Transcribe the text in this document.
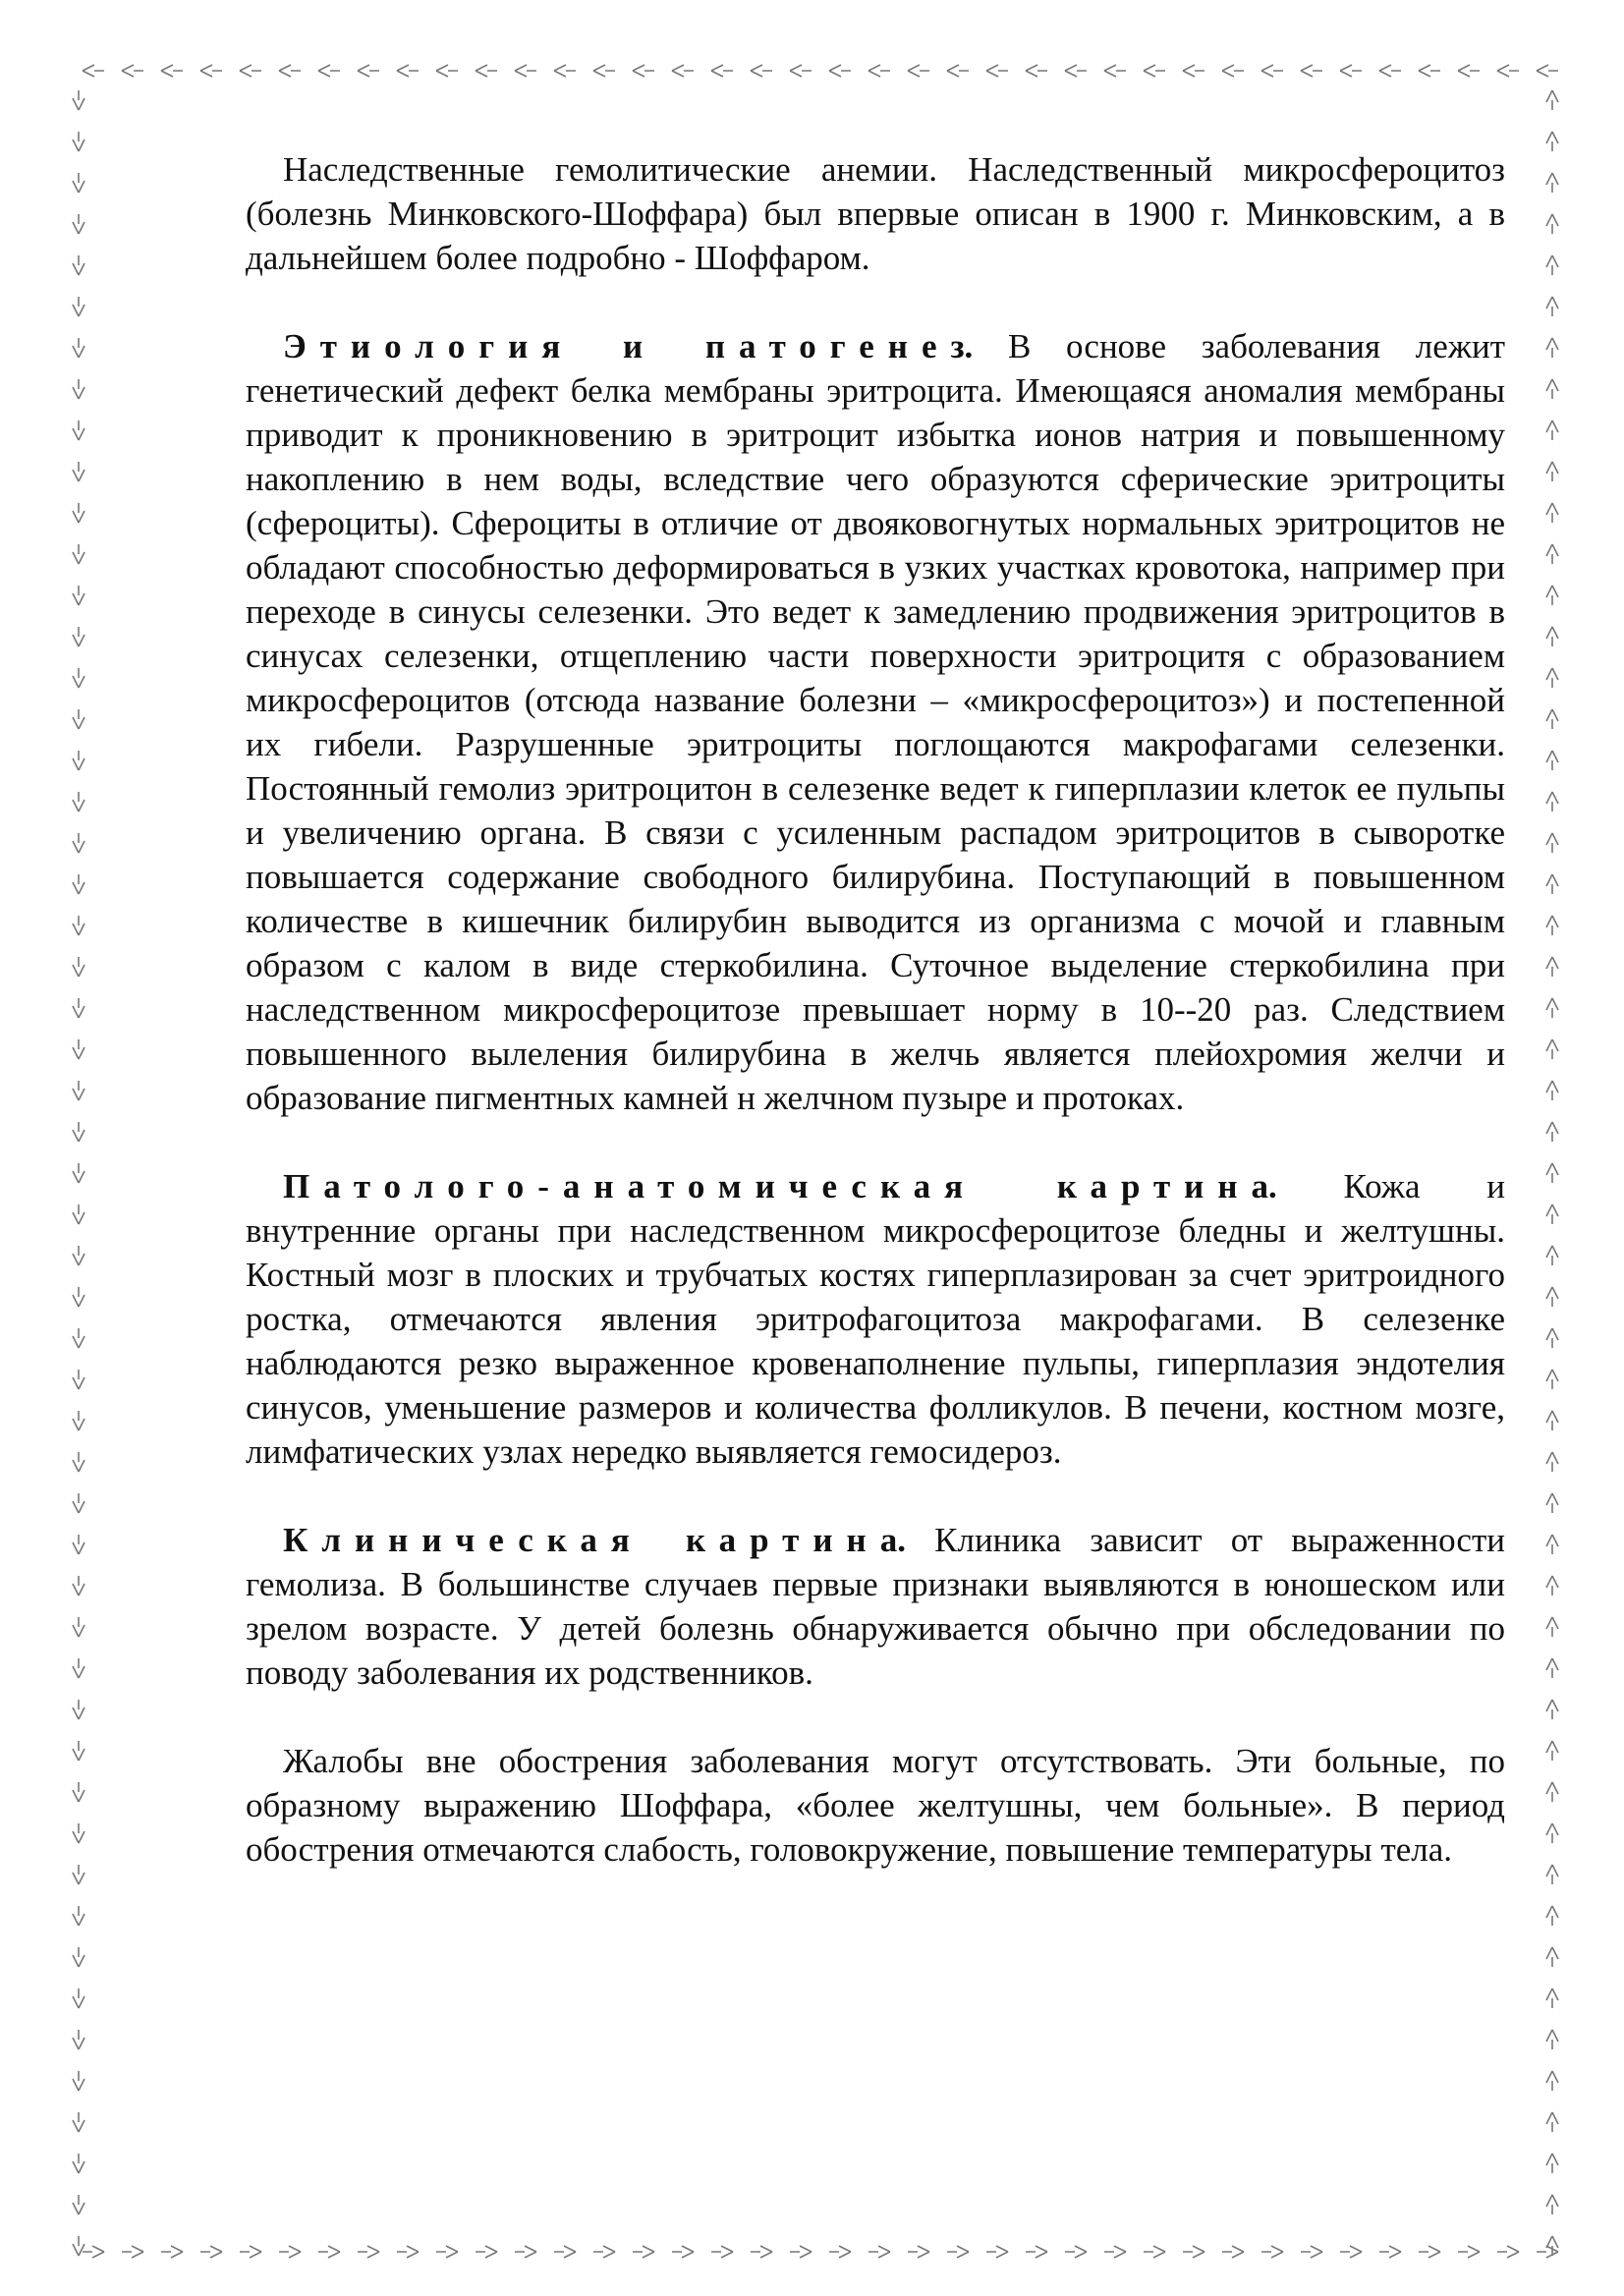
Наследственные гемолитические анемии. Наследственный микросфероцитоз (болезнь Минковского-Шоффара) был впервые описан в 1900 г. Минковским, а в дальнейшем более подробно - Шоффаром.

Этиология и патогенез. В основе заболевания лежит генетический дефект белка мембраны эритроцита. Имеющаяся аномалия мембраны приводит к проникновению в эритроцит избытка ионов натрия и повышенному накоплению в нем воды, вследствие чего образуются сферические эритроциты (сфероциты). Сфероциты в отличие от двояковогнутых нормальных эритроцитов не обладают способностью деформироваться в узких участках кровотока, например при переходе в синусы селезенки. Это ведет к замедлению продвижения эритроцитов в синусах селезенки, отщеплению части поверхности эритроцитя с образованием микросфероцитов (отсюда название болезни – «микросфероцитоз») и постепенной их гибели. Разрушенные эритроциты поглощаются макрофагами селезенки. Постоянный гемолиз эритроцитон в селезенке ведет к гиперплазии клеток ее пульпы и увеличению органа. В связи с усиленным распадом эритроцитов в сыворотке повышается содержание свободного билирубина. Поступающий в повышенном количестве в кишечник билирубин выводится из организма с мочой и главным образом с калом в виде стеркобилина. Суточное выделение стеркобилина при наследственном микросфероцитозе превышает норму в 10--20 раз. Следствием повышенного вылеления билирубина в желчь является плейохромия желчи и образование пигментных камней н желчном пузыре и протоках.

Патолого-анатомическая картина. Кожа и внутренние органы при наследственном микросфероцитозе бледны и желтушны. Костный мозг в плоских и трубчатых костях гиперплазирован за счет эритроидного ростка, отмечаются явления эритрофагоцитоза макрофагами. В селезенке наблюдаются резко выраженное кровенаполнение пульпы, гиперплазия эндотелия синусов, уменьшение размеров и количества фолликулов. В печени, костном мозге, лимфатических узлах нередко выявляется гемосидероз.

Клиническая картина. Клиника зависит от выраженности гемолиза. В большинстве случаев первые признаки выявляются в юношеском или зрелом возрасте. У детей болезнь обнаруживается обычно при обследовании по поводу заболевания их родственников.

Жалобы вне обострения заболевания могут отсутствовать. Эти больные, по образному выражению Шоффара, «более желтушны, чем больные». В период обострения отмечаются слабость, головокружение, повышение температуры тела.
